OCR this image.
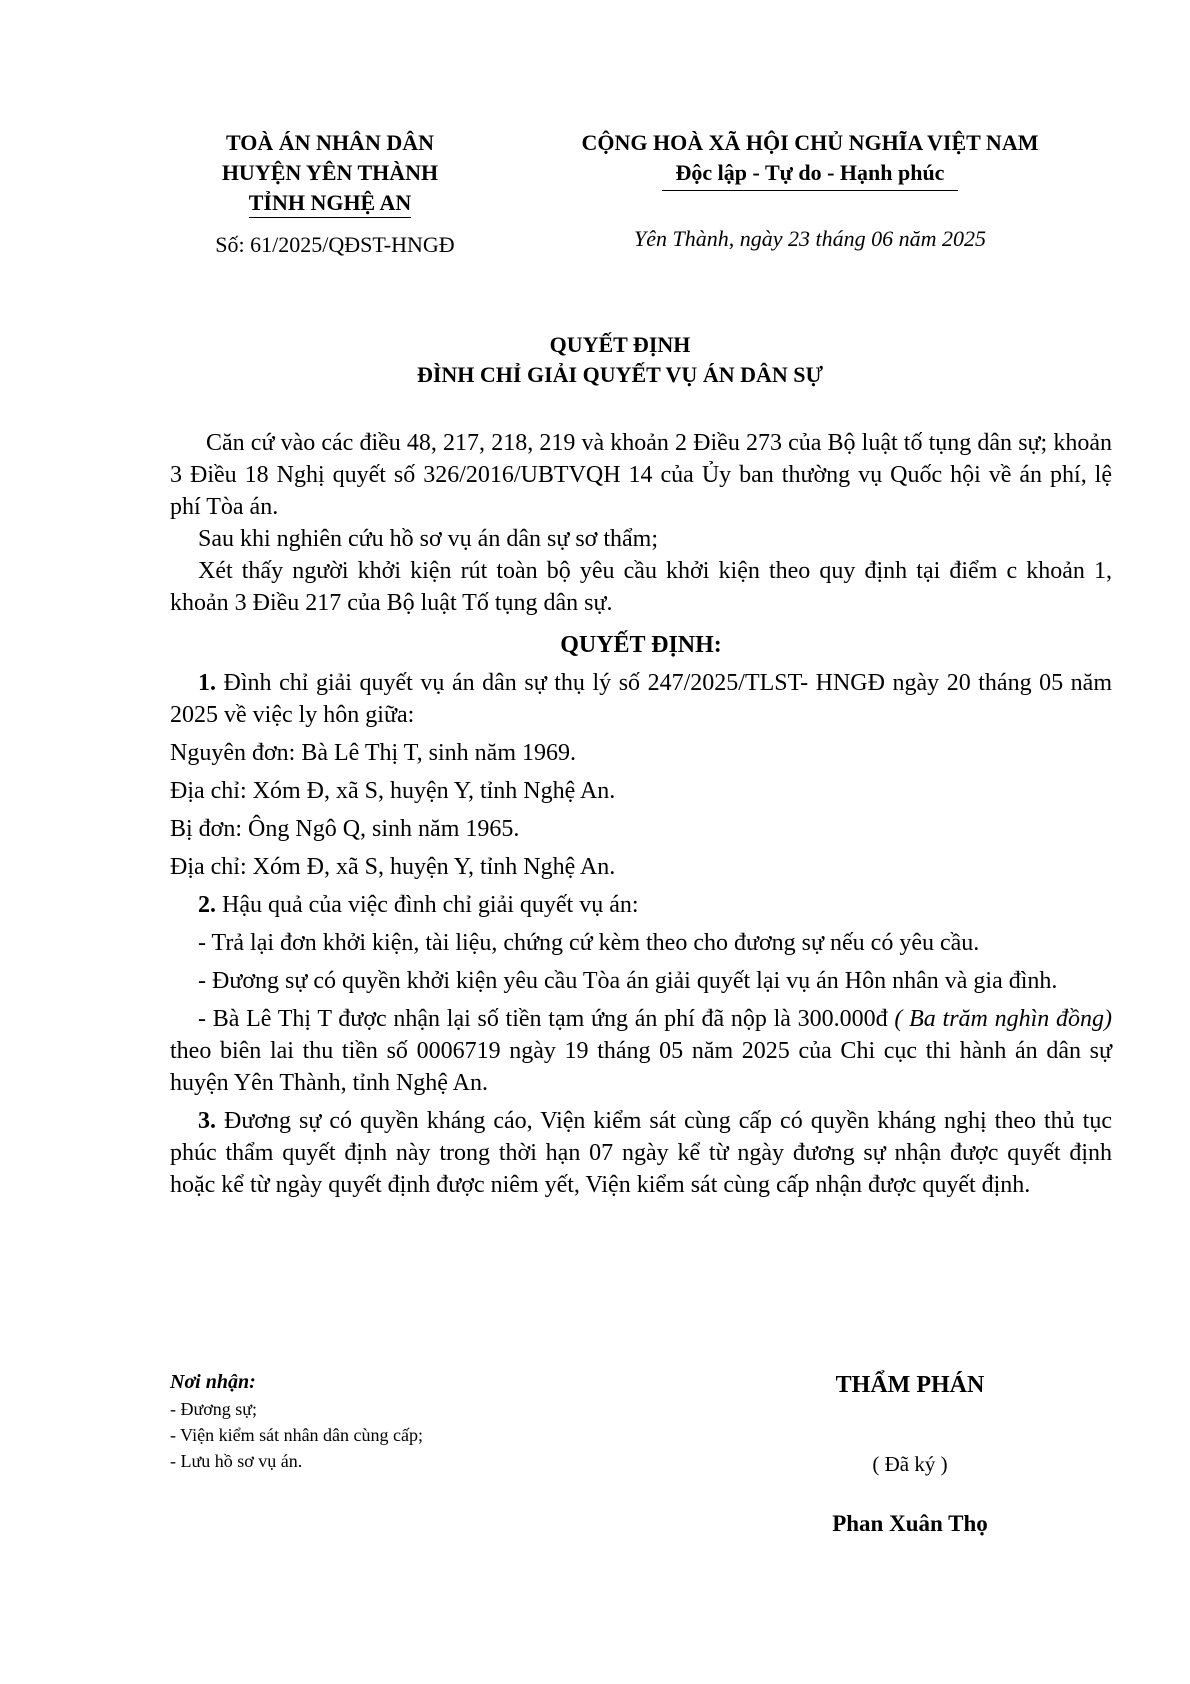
TOÀ ÁN NHÂN DÂN
HUYỆN YÊN THÀNH
TỈNH NGHỆ AN
CỘNG HOÀ XÃ HỘI CHỦ NGHĨA VIỆT NAM
Độc lập - Tự do - Hạnh phúc
Số: 61/2025/QĐST-HNGĐ	Yên Thành, ngày 23 tháng 06 năm 2025
QUYẾT ĐỊNH
ĐÌNH CHỈ GIẢI QUYẾT VỤ ÁN DÂN SỰ

Căn cứ vào các điều 48, 217, 218, 219 và khoản 2 Điều 273 của Bộ luật tố tụng dân sự; khoản 3 Điều 18 Nghị quyết số 326/2016/UBTVQH 14 của Ủy ban thường vụ Quốc hội về án phí, lệ phí Tòa án.

Sau khi nghiên cứu hồ sơ vụ án dân sự sơ thẩm;

Xét thấy người khởi kiện rút toàn bộ yêu cầu khởi kiện theo quy định tại điểm c khoản 1, khoản 3 Điều 217 của Bộ luật Tố tụng dân sự.

QUYẾT ĐỊNH:

1. Đình chỉ giải quyết vụ án dân sự thụ lý số 247/2025/TLST- HNGĐ ngày 20 tháng 05 năm 2025 về việc ly hôn giữa:

Nguyên đơn: Bà Lê Thị T, sinh năm 1969.

Địa chỉ: Xóm Đ, xã S, huyện Y, tỉnh Nghệ An.

Bị đơn: Ông Ngô Q, sinh năm 1965.

Địa chỉ: Xóm Đ, xã S, huyện Y, tỉnh Nghệ An.

2. Hậu quả của việc đình chỉ giải quyết vụ án:

- Trả lại đơn khởi kiện, tài liệu, chứng cứ kèm theo cho đương sự nếu có yêu cầu.

- Đương sự có quyền khởi kiện yêu cầu Tòa án giải quyết lại vụ án Hôn nhân và gia đình.

- Bà Lê Thị T được nhận lại số tiền tạm ứng án phí đã nộp là 300.000đ ( Ba trăm nghìn đồng) theo biên lai thu tiền số 0006719 ngày 19 tháng 05 năm 2025 của Chi cục thi hành án dân sự huyện Yên Thành, tỉnh Nghệ An.

3. Đương sự có quyền kháng cáo, Viện kiểm sát cùng cấp có quyền kháng nghị theo thủ tục phúc thẩm quyết định này trong thời hạn 07 ngày kể từ ngày đương sự nhận được quyết định hoặc kể từ ngày quyết định được niêm yết, Viện kiểm sát cùng cấp nhận được quyết định.

Nơi nhận:
- Đương sự;
- Viện kiểm sát nhân dân cùng cấp;
- Lưu hồ sơ vụ án.
THẨM PHÁN
( Đã ký )
Phan Xuân Thọ
